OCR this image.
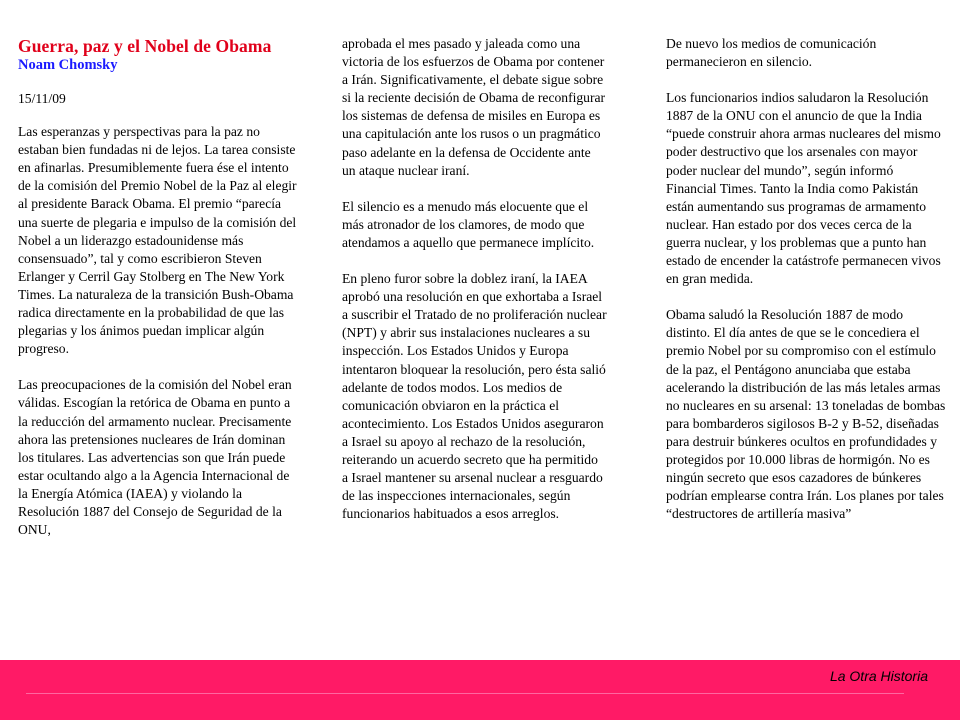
Guerra, paz y el Nobel de Obama
Noam Chomsky
15/11/09

Las esperanzas y perspectivas para la paz no estaban bien fundadas ni de lejos. La tarea consiste en afinarlas. Presumiblemente fuera ése el intento de la comisión del Premio Nobel de la Paz al elegir al presidente Barack Obama. El premio “parecía una suerte de plegaria e impulso de la comisión del Nobel a un liderazgo estadounidense más consensuado”, tal y como escribieron Steven Erlanger y Cerril Gay Stolberg en The New York Times. La naturaleza de la transición Bush-Obama radica directamente en la probabilidad de que las plegarias y los ánimos puedan implicar algún progreso.

Las preocupaciones de la comisión del Nobel eran válidas. Escogían la retórica de Obama en punto a la reducción del armamento nuclear. Precisamente ahora las pretensiones nucleares de Irán dominan los titulares. Las advertencias son que Irán puede estar ocultando algo a la Agencia Internacional de la Energía Atómica (IAEA) y violando la Resolución 1887 del Consejo de Seguridad de la ONU,

aprobada el mes pasado y jaleada como una victoria de los esfuerzos de Obama por contener a Irán. Significativamente, el debate sigue sobre si la reciente decisión de Obama de reconfigurar los sistemas de defensa de misiles en Europa es una capitulación ante los rusos o un pragmático paso adelante en la defensa de Occidente ante un ataque nuclear iraní.

El silencio es a menudo más elocuente que el más atronador de los clamores, de modo que atendamos a aquello que permanece implícito.

En pleno furor sobre la doblez iraní, la IAEA aprobó una resolución en que exhortaba a Israel a suscribir el Tratado de no proliferación nuclear (NPT) y abrir sus instalaciones nucleares a su inspección. Los Estados Unidos y Europa intentaron bloquear la resolución, pero ésta salió adelante de todos modos. Los medios de comunicación obviaron en la práctica el acontecimiento. Los Estados Unidos aseguraron a Israel su apoyo al rechazo de la resolución, reiterando un acuerdo secreto que ha permitido a Israel mantener su arsenal nuclear a resguardo de las inspecciones internacionales, según funcionarios habituados a esos arreglos.

De nuevo los medios de comunicación permanecieron en silencio.

Los funcionarios indios saludaron la Resolución 1887 de la ONU con el anuncio de que la India “puede construir ahora armas nucleares del mismo poder destructivo que los arsenales con mayor poder nuclear del mundo”, según informó Financial Times. Tanto la India como Pakistán están aumentando sus programas de armamento nuclear. Han estado por dos veces cerca de la guerra nuclear, y los problemas que a punto han estado de encender la catástrofe permanecen vivos en gran medida.

Obama saludó la Resolución 1887 de modo distinto. El día antes de que se le concediera el premio Nobel por su compromiso con el estímulo de la paz, el Pentágono anunciaba que estaba acelerando la distribución de las más letales armas no nucleares en su arsenal: 13 toneladas de bombas para bombarderos sigilosos B-2 y B-52, diseñadas para destruir búnkeres ocultos en profundidades y protegidos por 10.000 libras de hormigón. No es ningún secreto que esos cazadores de búnkeres podrían emplearse contra Irán. Los planes por tales “destructores de artillería masiva”

La Otra Historia
